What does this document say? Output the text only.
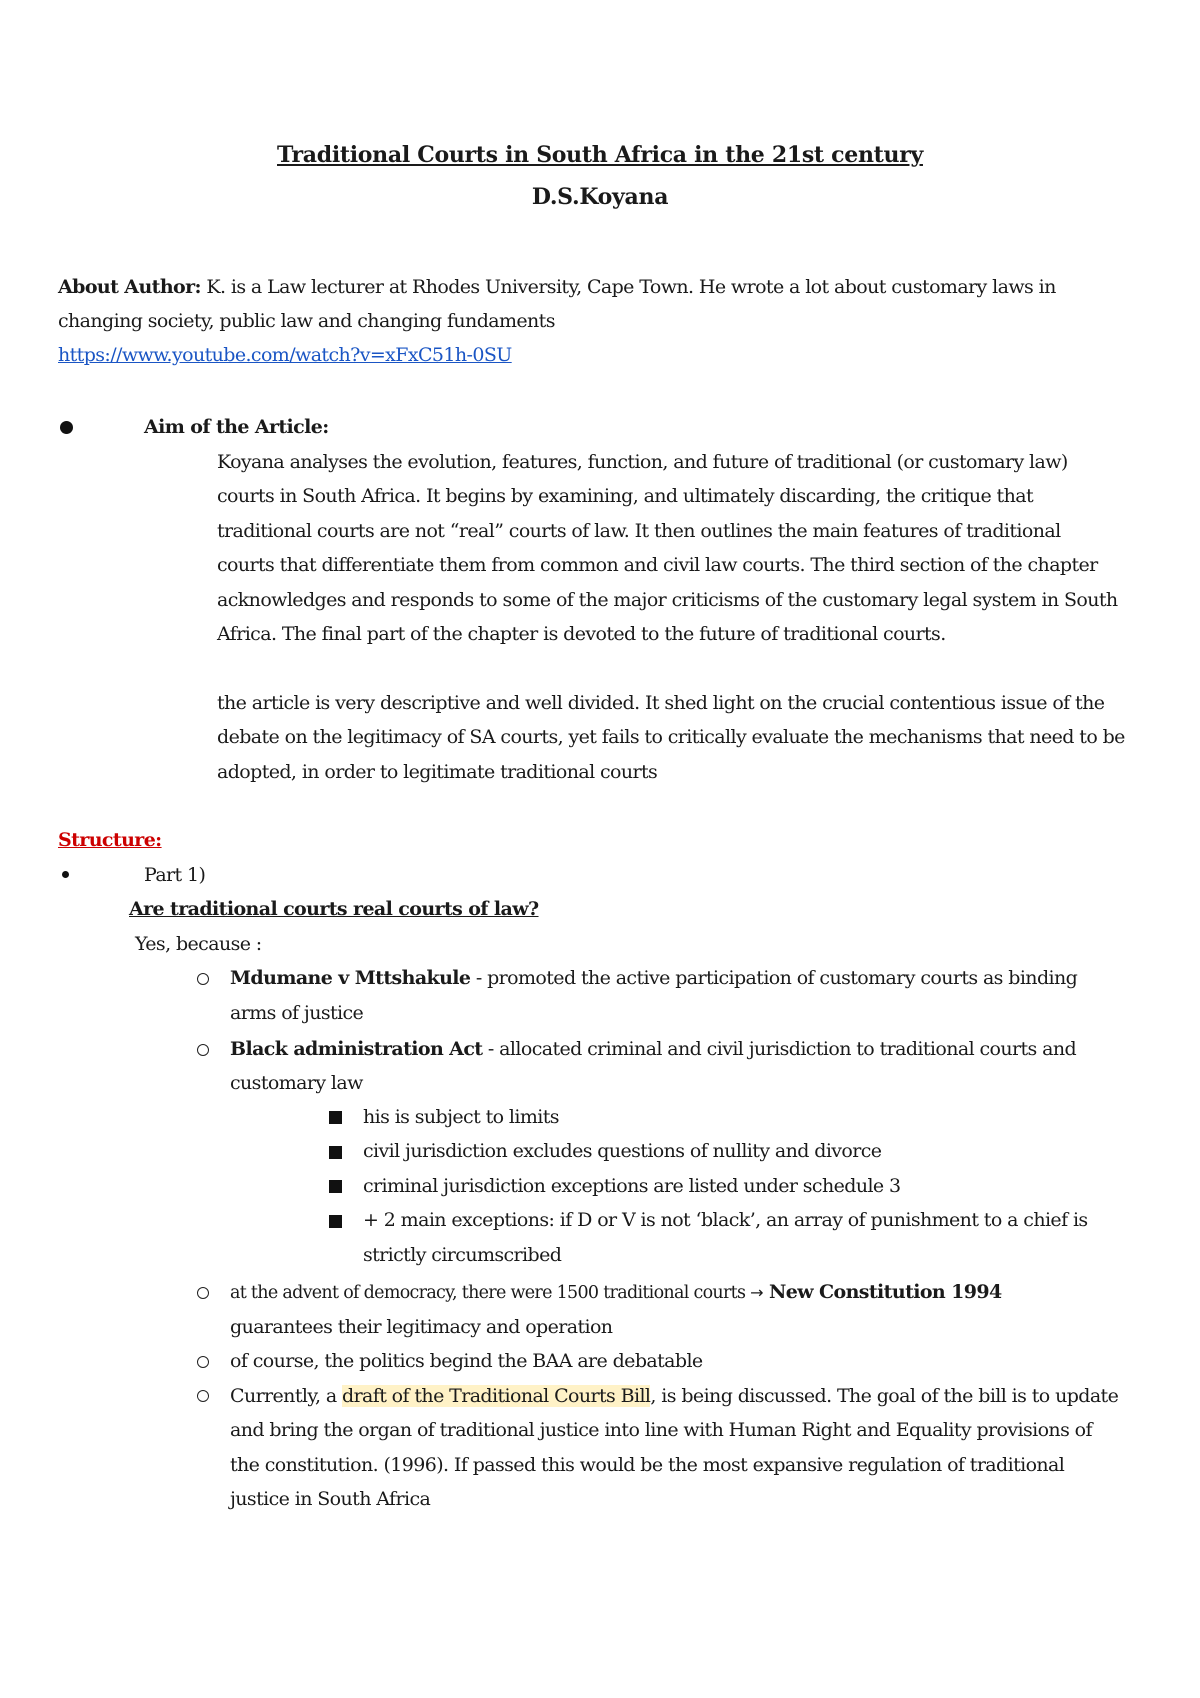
Traditional Courts in South Africa in the 21st century
D.S.Koyana
About Author: K. is a Law lecturer at Rhodes University, Cape Town. He wrote a lot about customary laws in
changing society, public law and changing fundaments
https://www.youtube.com/watch?v=xFxC51h-0SU
Aim of the Article:
Koyana analyses the evolution, features, function, and future of traditional (or customary law)
courts in South Africa. It begins by examining, and ultimately discarding, the critique that
traditional courts are not “real” courts of law. It then outlines the main features of traditional
courts that differentiate them from common and civil law courts. The third section of the chapter
acknowledges and responds to some of the major criticisms of the customary legal system in South
Africa. The final part of the chapter is devoted to the future of traditional courts.
the article is very descriptive and well divided. It shed light on the crucial contentious issue of the
debate on the legitimacy of SA courts, yet fails to critically evaluate the mechanisms that need to be
adopted, in order to legitimate traditional courts
Structure:
Part 1)
Are traditional courts real courts of law?
Yes, because :
Mdumane v Mttshakule - promoted the active participation of customary courts as binding
arms of justice
Black administration Act - allocated criminal and civil jurisdiction to traditional courts and
customary law
his is subject to limits
civil jurisdiction excludes questions of nullity and divorce
criminal jurisdiction exceptions are listed under schedule 3
+ 2 main exceptions: if D or V is not ‘black’, an array of punishment to a chief is
strictly circumscribed
at the advent of democracy, there were 1500 traditional courts → New Constitution 1994
guarantees their legitimacy and operation
of course, the politics begind the BAA are debatable
Currently, a draft of the Traditional Courts Bill, is being discussed. The goal of the bill is to update
and bring the organ of traditional justice into line with Human Right and Equality provisions of
the constitution. (1996). If passed this would be the most expansive regulation of traditional
justice in South Africa
